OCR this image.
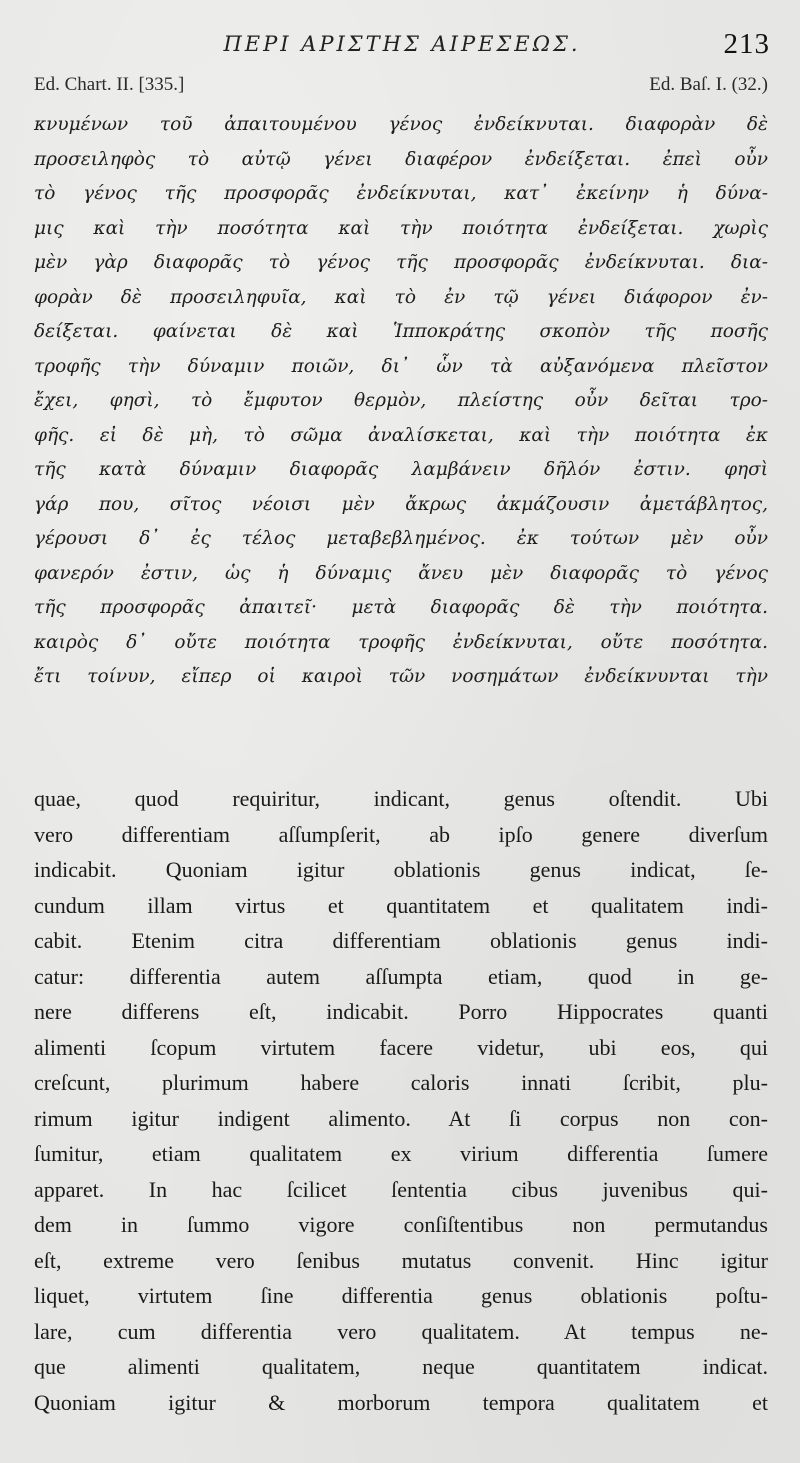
ΠΕΡΙ ΑΡΙΣΤΗΣ ΑΙΡΕΣΕΩΣ.	213
Ed. Chart. II. [335.]	Ed. Baſ. I. (32.)
κνυμένων τοῦ ἀπαιτουμένου γένος ἐνδείκνυται. διαφορὰν δὲ
προσειληφὸς τὸ αὐτῷ γένει διαφέρον ἐνδείξεται. ἐπεὶ οὖν
τὸ γένος τῆς προσφορᾶς ἐνδείκνυται, κατ᾽ ἐκείνην ἡ δύνα-
μις καὶ τὴν ποσότητα καὶ τὴν ποιότητα ἐνδείξεται. χωρὶς
μὲν γὰρ διαφορᾶς τὸ γένος τῆς προσφορᾶς ἐνδείκνυται. δια-
φορὰν δὲ προσειληφυῖα, καὶ τὸ ἐν τῷ γένει διάφορον ἐν-
δείξεται. φαίνεται δὲ καὶ Ἱπποκράτης σκοπὸν τῆς ποσῆς
τροφῆς τὴν δύναμιν ποιῶν, δι᾽ ὧν τὰ αὐξανόμενα πλεῖστον
ἔχει, φησὶ, τὸ ἔμφυτον θερμὸν, πλείστης οὖν δεῖται τρο-
φῆς. εἰ δὲ μὴ, τὸ σῶμα ἀναλίσκεται, καὶ τὴν ποιότητα ἐκ
τῆς κατὰ δύναμιν διαφορᾶς λαμβάνειν δῆλόν ἐστιν. φησὶ
γάρ που, σῖτος νέοισι μὲν ἄκρως ἀκμάζουσιν ἀμετάβλητος,
γέρουσι δ᾽ ἐς τέλος μεταβεβλημένος. ἐκ τούτων μὲν οὖν
φανερόν ἐστιν, ὡς ἡ δύναμις ἄνευ μὲν διαφορᾶς τὸ γένος
τῆς προσφορᾶς ἀπαιτεῖ· μετὰ διαφορᾶς δὲ τὴν ποιότητα.
καιρὸς δ᾽ οὔτε ποιότητα τροφῆς ἐνδείκνυται, οὔτε ποσότητα.
ἔτι τοίνυν, εἴπερ οἱ καιροὶ τῶν νοσημάτων ἐνδείκνυνται τὴν
quae, quod requiritur, indicant, genus oſtendit. Ubi
vero differentiam aſſumpſerit, ab ipſo genere diverſum
indicabit. Quoniam igitur oblationis genus indicat, ſe-
cundum illam virtus et quantitatem et qualitatem indi-
cabit. Etenim citra differentiam oblationis genus indi-
catur: differentia autem aſſumpta etiam, quod in ge-
nere differens eſt, indicabit. Porro Hippocrates quanti
alimenti ſcopum virtutem facere videtur, ubi eos, qui
creſcunt, plurimum habere caloris innati ſcribit, plu-
rimum igitur indigent alimento. At ſi corpus non con-
ſumitur, etiam qualitatem ex virium differentia ſumere
apparet. In hac ſcilicet ſententia cibus juvenibus qui-
dem in ſummo vigore conſiſtentibus non permutandus
eſt, extreme vero ſenibus mutatus convenit. Hinc igitur
liquet, virtutem ſine differentia genus oblationis poſtu-
lare, cum differentia vero qualitatem. At tempus ne-
que alimenti qualitatem, neque quantitatem indicat.
Quoniam igitur & morborum tempora qualitatem et
